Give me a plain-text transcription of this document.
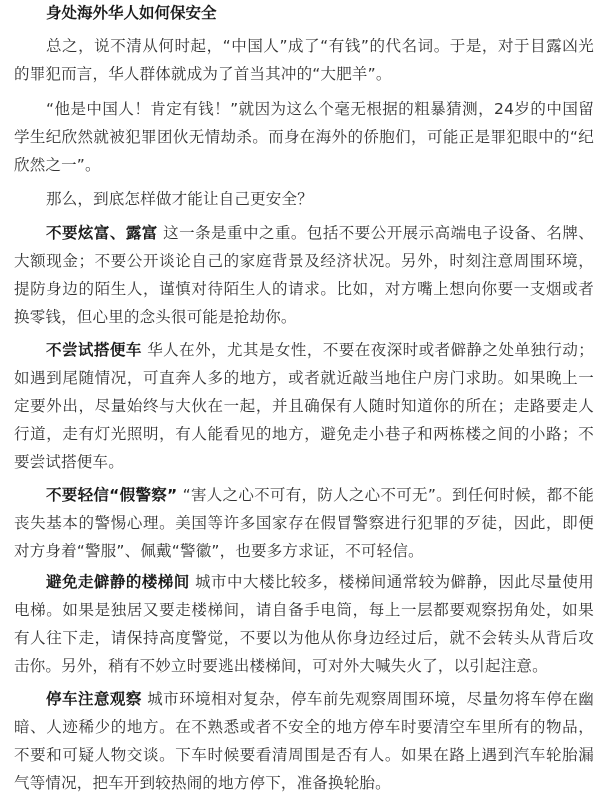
身处海外华人如何保安全

总之，说不清从何时起，“中国人”成了“有钱”的代名词。于是，对于目露凶光的罪犯而言，华人群体就成为了首当其冲的“大肥羊”。

“他是中国人！肯定有钱！”就因为这么个毫无根据的粗暴猜测，24岁的中国留学生纪欣然就被犯罪团伙无情劫杀。而身在海外的侨胞们，可能正是罪犯眼中的“纪欣然之一”。

那么，到底怎样做才能让自己更安全？

不要炫富、露富 这一条是重中之重。包括不要公开展示高端电子设备、名牌、大额现金；不要公开谈论自己的家庭背景及经济状况。另外，时刻注意周围环境，提防身边的陌生人，谨慎对待陌生人的请求。比如，对方嘴上想向你要一支烟或者换零钱，但心里的念头很可能是抢劫你。

不尝试搭便车 华人在外，尤其是女性，不要在夜深时或者僻静之处单独行动；如遇到尾随情况，可直奔人多的地方，或者就近敲当地住户房门求助。如果晚上一定要外出，尽量始终与大伙在一起，并且确保有人随时知道你的所在；走路要走人行道，走有灯光照明，有人能看见的地方，避免走小巷子和两栋楼之间的小路；不要尝试搭便车。

不要轻信“假警察” “害人之心不可有，防人之心不可无”。到任何时候，都不能丧失基本的警惕心理。美国等许多国家存在假冒警察进行犯罪的歹徒，因此，即便对方身着“警服”、佩戴“警徽”，也要多方求证，不可轻信。

避免走僻静的楼梯间 城市中大楼比较多，楼梯间通常较为僻静，因此尽量使用电梯。如果是独居又要走楼梯间，请自备手电筒，每上一层都要观察拐角处，如果有人往下走，请保持高度警觉，不要以为他从你身边经过后，就不会转头从背后攻击你。另外，稍有不妙立时要逃出楼梯间，可对外大喊失火了，以引起注意。

停车注意观察 城市环境相对复杂，停车前先观察周围环境，尽量勿将车停在幽暗、人迹稀少的地方。在不熟悉或者不安全的地方停车时要清空车里所有的物品，不要和可疑人物交谈。下车时候要看清周围是否有人。如果在路上遇到汽车轮胎漏气等情况，把车开到较热闹的地方停下，准备换轮胎。
